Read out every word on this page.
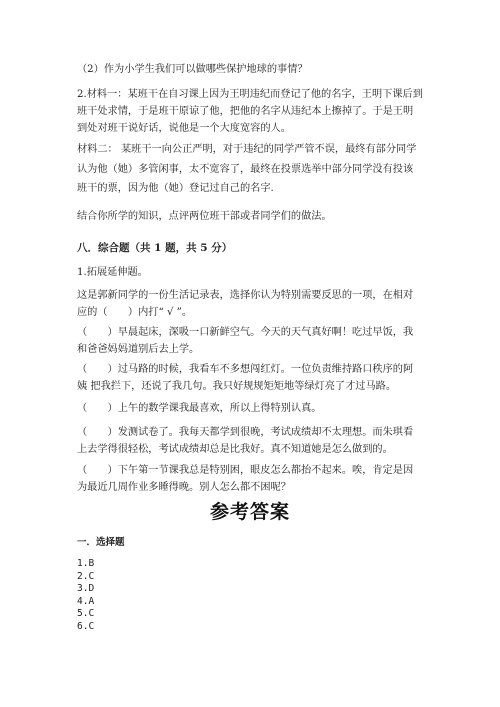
（2）作为小学生我们可以做哪些保护地球的事情？

2.材料一：某班干在自习课上因为王明违纪而登记了他的名字，王明下课后到班干处求情，于是班干原谅了他，把他的名字从违纪本上擦掉了。于是王明到处对班干说好话，说他是一个大度宽容的人。

材料二： 某班干一向公正严明，对于违纪的同学严管不误，最终有部分同学认为他（她）多管闲事，太不宽容了，最终在投票选举中部分同学没有投该班干的票，因为他（她）登记过自己的名字.

结合你所学的知识，点评两位班干部或者同学们的做法。

八．综合题（共 1 题，共 5 分）

1.拓展延伸题。

这是郭新同学的一份生活记录表，选择你认为特别需要反思的一项，在相对应的（　　）内打“ √ ”。

（　　）早晨起床，深吸一口新鲜空气。今天的天气真好啊！吃过早饭，我和爸爸妈妈道别后去上学。

（　　）过马路的时候，我看车不多想闯红灯。一位负责维持路口秩序的阿姨 把我拦下，还说了我几句。我只好规规矩矩地等绿灯亮了才过马路。

（　　）上午的数学课我最喜欢，所以上得特别认真。

（　　）发测试卷了。我每天都学到很晚，考试成绩却不太理想。而朱琪看上去学得很轻松，考试成绩却总是比我好。真不知道她是怎么做到的。

（　　）下午第一节课我总是特别困，眼皮怎么都抬不起来。唉，肯定是因为最近几周作业多睡得晚。别人怎么都不困呢？

参考答案

一．选择题

1.B
2.C
3.D
4.A
5.C
6.C
